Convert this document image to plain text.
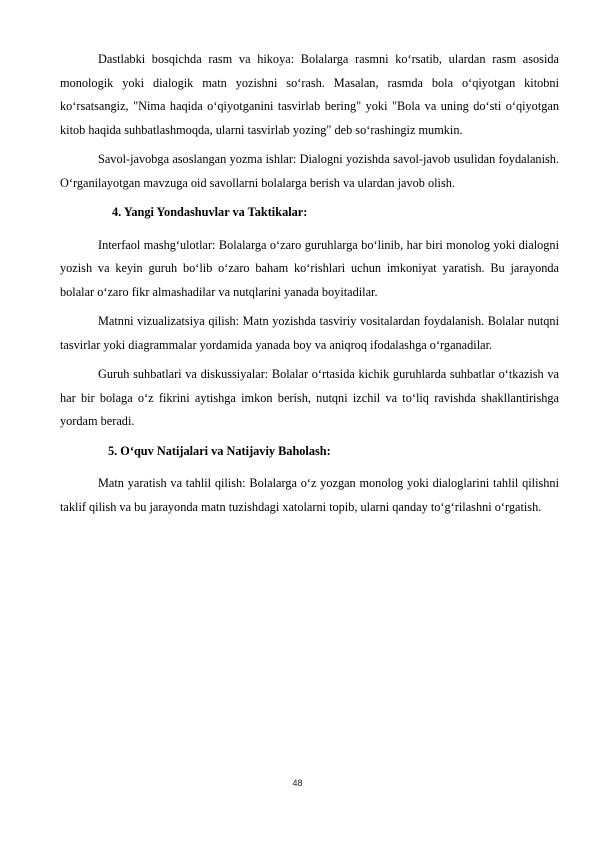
Dastlabki bosqichda rasm va hikoya: Bolalarga rasmni ko‘rsatib, ulardan rasm asosida monologik yoki dialogik matn yozishni so‘rash. Masalan, rasmda bola o‘qiyotgan kitobni ko‘rsatsangiz, "Nima haqida o‘qiyotganini tasvirlab bering" yoki "Bola va uning do‘sti o‘qiyotgan kitob haqida suhbatlashmoqda, ularni tasvirlab yozing" deb so‘rashingiz mumkin.

Savol-javobga asoslangan yozma ishlar: Dialogni yozishda savol-javob usulidan foydalanish. O‘rganilayotgan mavzuga oid savollarni bolalarga berish va ulardan javob olish.

4. Yangi Yondashuvlar va Taktikalar:

Interfaol mashg‘ulotlar: Bolalarga o‘zaro guruhlarga bo‘linib, har biri monolog yoki dialogni yozish va keyin guruh bo‘lib o‘zaro baham ko‘rishlari uchun imkoniyat yaratish. Bu jarayonda bolalar o‘zaro fikr almashadilar va nutqlarini yanada boyitadilar.

Matnni vizualizatsiya qilish: Matn yozishda tasviriy vositalardan foydalanish. Bolalar nutqni tasvirlar yoki diagrammalar yordamida yanada boy va aniqroq ifodalashga o‘rganadilar.

Guruh suhbatlari va diskussiyalar: Bolalar o‘rtasida kichik guruhlarda suhbatlar o‘tkazish va har bir bolaga o‘z fikrini aytishga imkon berish, nutqni izchil va to‘liq ravishda shakllantirishga yordam beradi.

5. O‘quv Natijalari va Natijaviy Baholash:

Matn yaratish va tahlil qilish: Bolalarga o‘z yozgan monolog yoki dialoglarini tahlil qilishni taklif qilish va bu jarayonda matn tuzishdagi xatolarni topib, ularni qanday to‘g‘rilashni o‘rgatish.

48
